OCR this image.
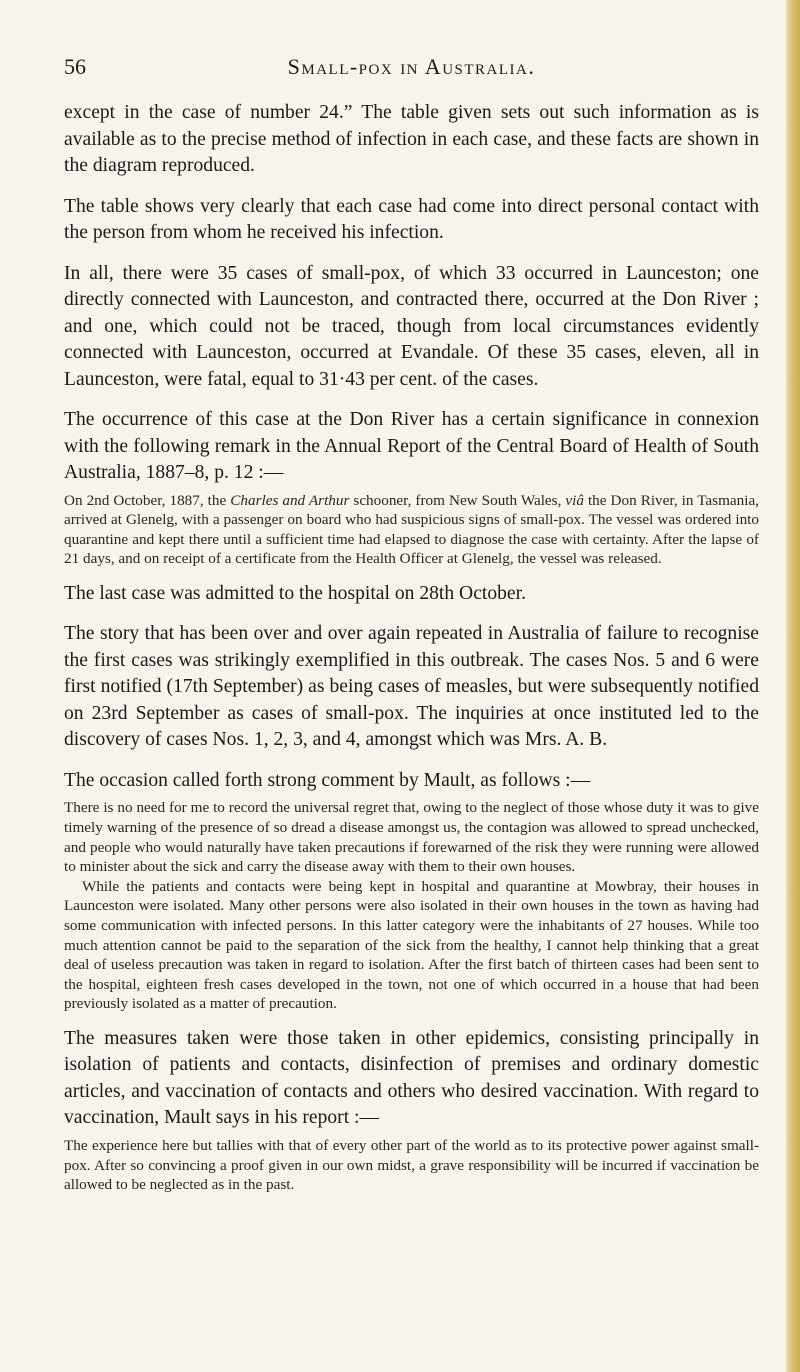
56	Small-pox in Australia.

except in the case of number 24.” The table given sets out such information as is available as to the precise method of infection in each case, and these facts are shown in the diagram reproduced.

The table shows very clearly that each case had come into direct personal contact with the person from whom he received his infection.

In all, there were 35 cases of small-pox, of which 33 occurred in Launceston; one directly connected with Launceston, and contracted there, occurred at the Don River ; and one, which could not be traced, though from local circumstances evidently connected with Launceston, occurred at Evandale. Of these 35 cases, eleven, all in Launceston, were fatal, equal to 31·43 per cent. of the cases.

The occurrence of this case at the Don River has a certain significance in connexion with the following remark in the Annual Report of the Central Board of Health of South Australia, 1887–8, p. 12 :—

On 2nd October, 1887, the Charles and Arthur schooner, from New South Wales, viâ the Don River, in Tasmania, arrived at Glenelg, with a passenger on board who had suspicious signs of small-pox. The vessel was ordered into quarantine and kept there until a sufficient time had elapsed to diagnose the case with certainty. After the lapse of 21 days, and on receipt of a certificate from the Health Officer at Glenelg, the vessel was released.

The last case was admitted to the hospital on 28th October.

The story that has been over and over again repeated in Australia of failure to recognise the first cases was strikingly exemplified in this outbreak. The cases Nos. 5 and 6 were first notified (17th September) as being cases of measles, but were subsequently notified on 23rd September as cases of small-pox. The inquiries at once instituted led to the discovery of cases Nos. 1, 2, 3, and 4, amongst which was Mrs. A. B.

The occasion called forth strong comment by Mault, as follows :—

There is no need for me to record the universal regret that, owing to the neglect of those whose duty it was to give timely warning of the presence of so dread a disease amongst us, the contagion was allowed to spread unchecked, and people who would naturally have taken precautions if forewarned of the risk they were running were allowed to minister about the sick and carry the disease away with them to their own houses.

While the patients and contacts were being kept in hospital and quarantine at Mowbray, their houses in Launceston were isolated. Many other persons were also isolated in their own houses in the town as having had some communication with infected persons. In this latter category were the inhabitants of 27 houses. While too much attention cannot be paid to the separation of the sick from the healthy, I cannot help thinking that a great deal of useless precaution was taken in regard to isolation. After the first batch of thirteen cases had been sent to the hospital, eighteen fresh cases developed in the town, not one of which occurred in a house that had been previously isolated as a matter of precaution.

The measures taken were those taken in other epidemics, consisting principally in isolation of patients and contacts, disinfection of premises and ordinary domestic articles, and vaccination of contacts and others who desired vaccination. With regard to vaccination, Mault says in his report :—

The experience here but tallies with that of every other part of the world as to its protective power against small-pox. After so convincing a proof given in our own midst, a grave responsibility will be incurred if vaccination be allowed to be neglected as in the past.
